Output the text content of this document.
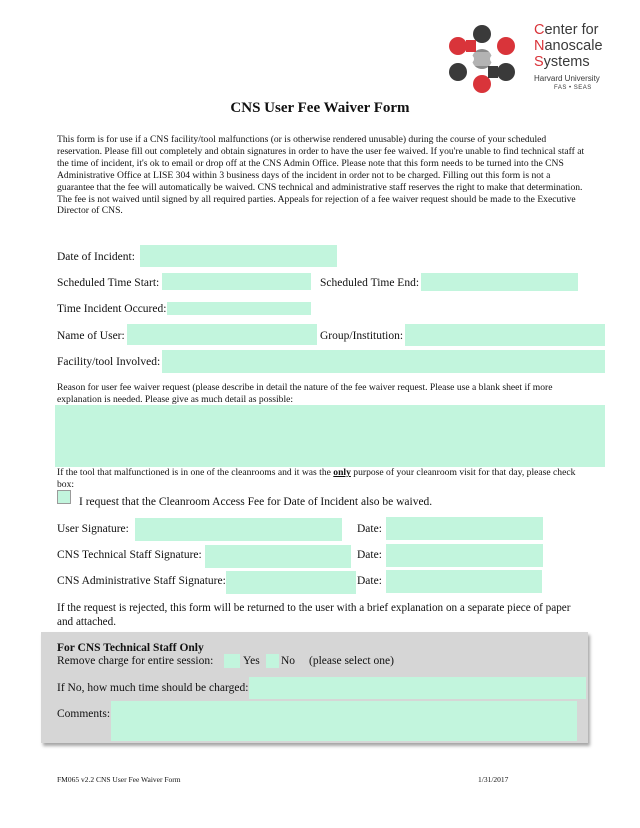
Center for
Nanoscale
Systems
Harvard University
FAS • SEAS
CNS User Fee Waiver Form
This form is for use if a CNS facility/tool malfunctions (or is otherwise rendered unusable) during the course of your scheduled reservation. Please fill out completely and obtain signatures in order to have the user fee waived. If you're unable to find technical staff at the time of incident, it's ok to email or drop off at the CNS Admin Office. Please note that this form needs to be turned into the CNS Administrative Office at LISE 304 within 3 business days of the incident in order not to be charged. Filling out this form is not a guarantee that the fee will automatically be waived. CNS technical and administrative staff reserves the right to make that determination. The fee is not waived until signed by all required parties. Appeals for rejection of a fee waiver request should be made to the Executive Director of CNS.
Date of Incident:
Scheduled Time Start:	Scheduled Time End:
Time Incident Occured:
Name of User:	Group/Institution:
Facility/tool Involved:
Reason for user fee waiver request (please describe in detail the nature of the fee waiver request. Please use a blank sheet if more explanation is needed. Please give as much detail as possible:
If the tool that malfunctioned is in one of the cleanrooms and it was the only purpose of your cleanroom visit for that day, please check box:
I request that the Cleanroom Access Fee for Date of Incident also be waived.
User Signature:	Date:
CNS Technical Staff Signature:	Date:
CNS Administrative Staff Signature:	Date:
If the request is rejected, this form will be returned to the user with a brief explanation on a separate piece of paper and attached.
For CNS Technical Staff Only
Remove charge for entire session:	Yes No (please select one)
If No, how much time should be charged:
Comments:
FM065 v2.2 CNS User Fee Waiver Form	1/31/2017
